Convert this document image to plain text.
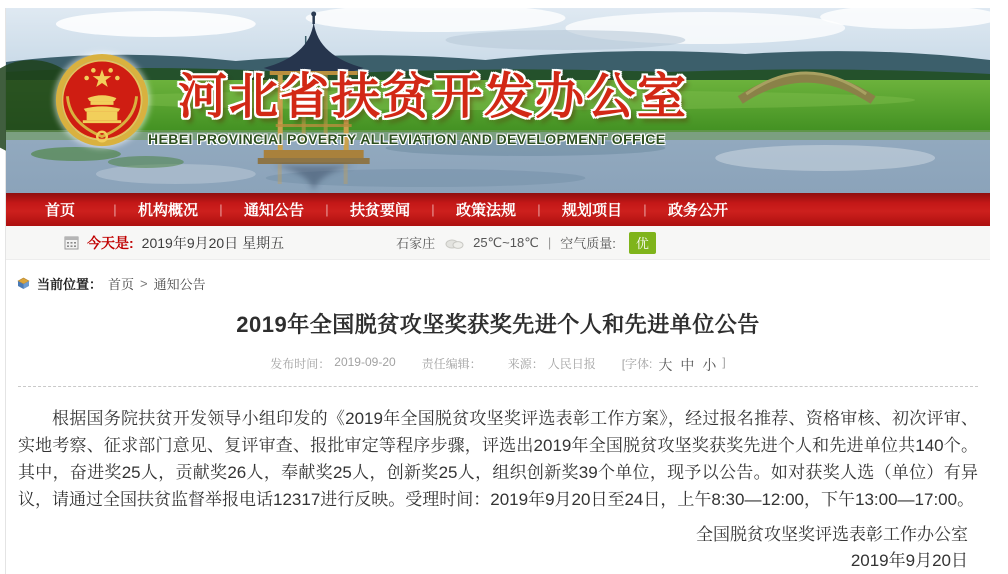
河北省扶贫开发办公室
HEBEI PROVINCIAI POVERTY ALLEVIATION AND DEVELOPMENT OFFICE
首页	|	机构概况	|	通知公告	|	扶贫要闻	|	政策法规	|	规划项目	|	政务公开
今天是: 2019年9月20日 星期五	石家庄	25℃~18℃ | 空气质量:	优
当前位置： 首页 > 通知公告
2019年全国脱贫攻坚奖获奖先进个人和先进单位公告
发布时间： 2019-09-20 责任编辑： 来源： 人民日报 [字体: 大 中 小 ]

根据国务院扶贫开发领导小组印发的《2019年全国脱贫攻坚奖评选表彰工作方案》，经过报名推荐、资格审核、初次评审、实地考察、征求部门意见、复评审查、报批审定等程序步骤，评选出2019年全国脱贫攻坚奖获奖先进个人和先进单位共140个。其中，奋进奖25人，贡献奖26人，奉献奖25人，创新奖25人，组织创新奖39个单位，现予以公告。如对获奖人选（单位）有异议，请通过全国扶贫监督举报电话12317进行反映。受理时间：2019年9月20日至24日，上午8:30—12:00，下午13:00—17:00。

全国脱贫攻坚奖评选表彰工作办公室
2019年9月20日
